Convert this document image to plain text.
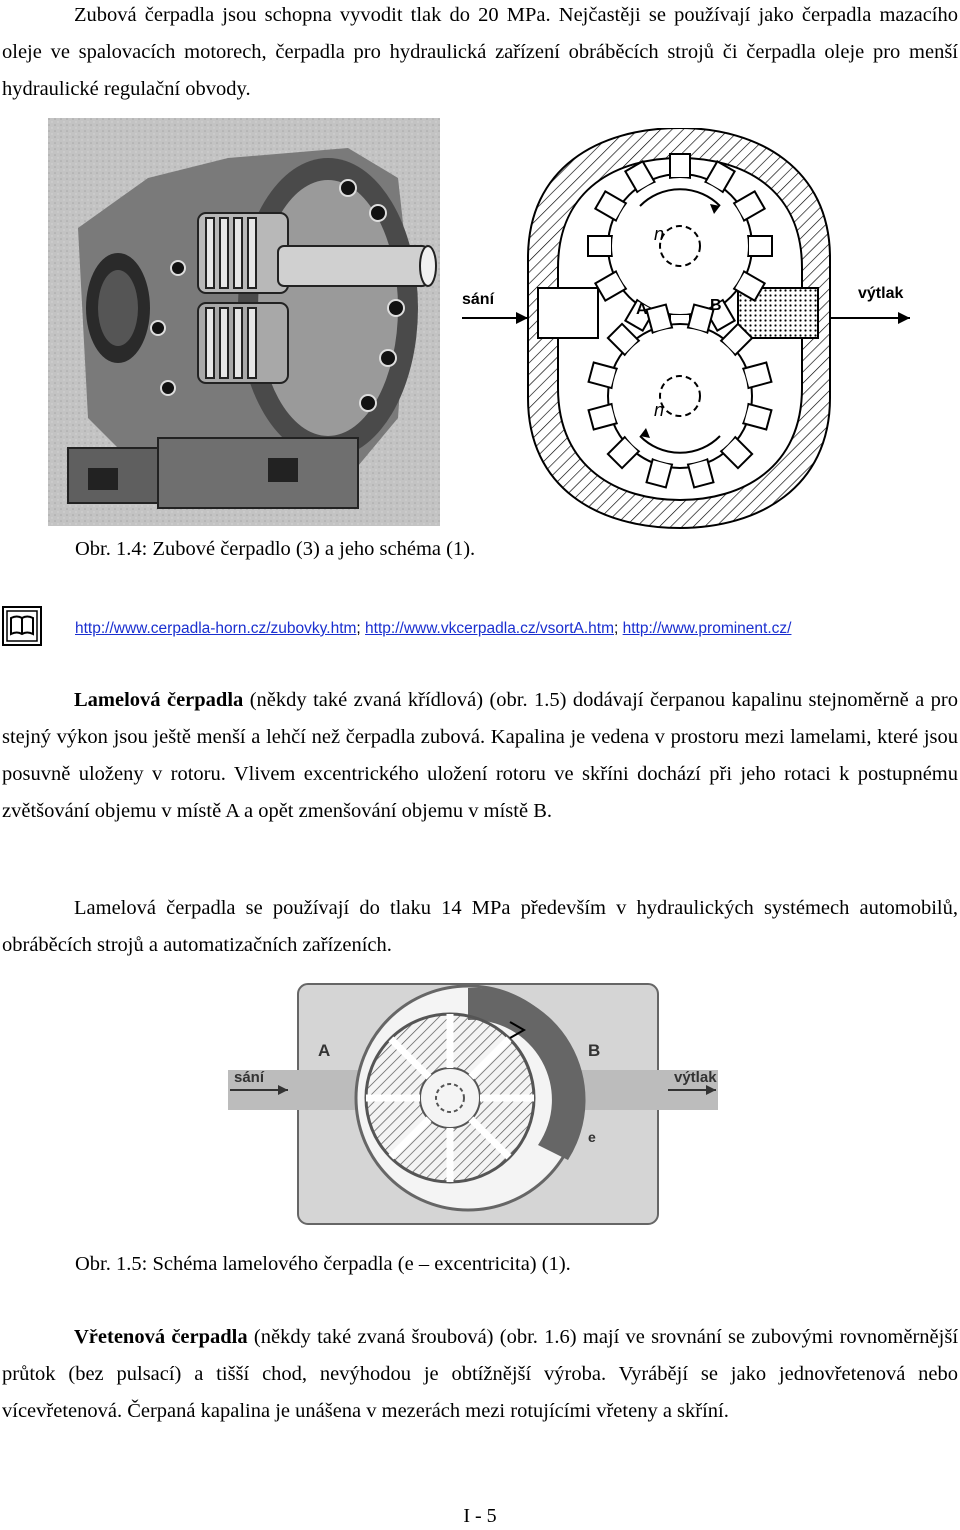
Zubová čerpadla jsou schopna vyvodit tlak do 20 MPa. Nejčastěji se používají jako čerpadla mazacího oleje ve spalovacích motorech, čerpadla pro hydraulická zařízení obráběcích strojů či čerpadla oleje pro menší hydraulické regulační obvody.

sání	výtlak
A	B
n
n
Obr. 1.4: Zubové čerpadlo (3) a jeho schéma (1).
http://www.cerpadla-horn.cz/zubovky.htm; http://www.vkcerpadla.cz/vsortA.htm; http://www.prominent.cz/

Lamelová čerpadla (někdy také zvaná křídlová) (obr. 1.5) dodávají čerpanou kapalinu stejnoměrně a pro stejný výkon jsou ještě menší a lehčí než čerpadla zubová. Kapalina je vedena v prostoru mezi lamelami, které jsou posuvně uloženy v rotoru. Vlivem excentrického uložení rotoru ve skříni dochází při jeho rotaci k postupnému zvětšování objemu v místě A a opět zmenšování objemu v místě B.

Lamelová čerpadla se používají do tlaku 14 MPa především v hydraulických systémech automobilů, obráběcích strojů a automatizačních zařízeních.

sání	výtlak
A	B
e
Obr. 1.5: Schéma lamelového čerpadla (e – excentricita) (1).

Vřetenová čerpadla (někdy také zvaná šroubová) (obr. 1.6) mají ve srovnání se zubovými rovnoměrnější průtok (bez pulsací) a tišší chod, nevýhodou je obtížnější výroba. Vyrábějí se jako jednovřetenová nebo vícevřetenová. Čerpaná kapalina je unášena v mezerách mezi rotujícími vřeteny a skříní.

I - 5
